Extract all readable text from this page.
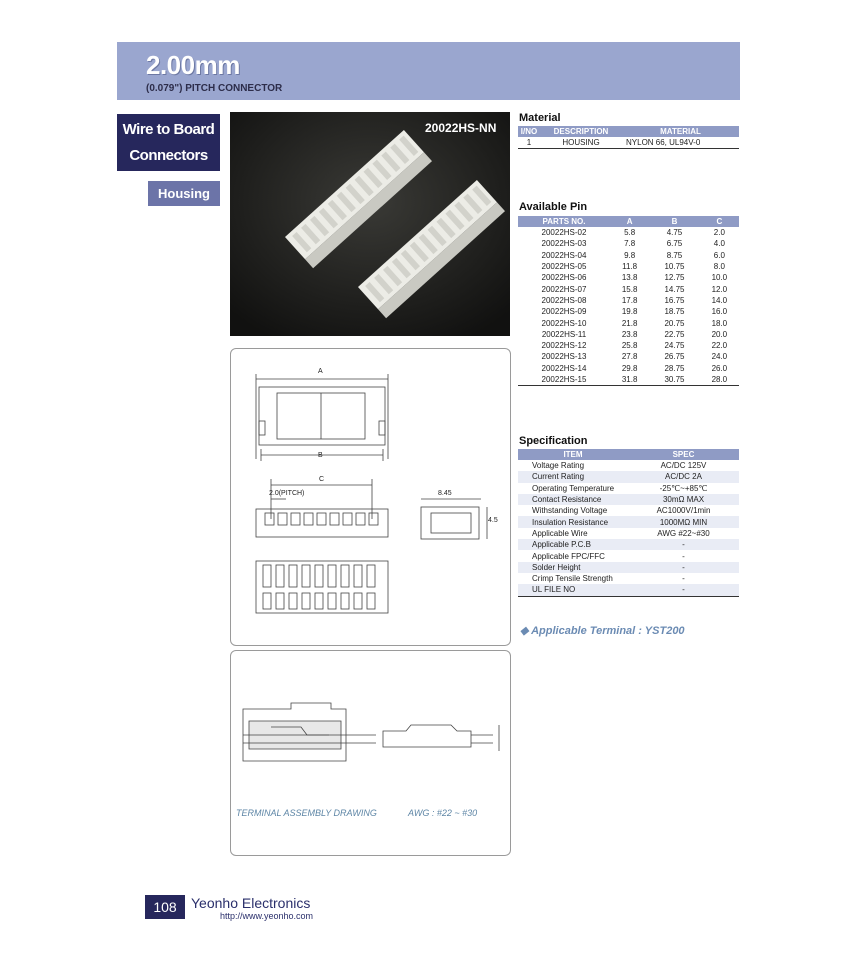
2.00mm
(0.079") PITCH CONNECTOR
Wire to Board
Connectors
Housing
20022HS-NN
A
B
C
2.0(PITCH)	8.45
4.5
TERMINAL ASSEMBLY DRAWING	AWG : #22 ~ #30
Material
I/NO	DESCRIPTION	MATERIAL
1	HOUSING	NYLON 66, UL94V-0
Available Pin
PARTS NO.	A	B	C
20022HS-02	5.8	4.75	2.0
20022HS-03	7.8	6.75	4.0
20022HS-04	9.8	8.75	6.0
20022HS-05	11.8	10.75	8.0
20022HS-06	13.8	12.75	10.0
20022HS-07	15.8	14.75	12.0
20022HS-08	17.8	16.75	14.0
20022HS-09	19.8	18.75	16.0
20022HS-10	21.8	20.75	18.0
20022HS-11	23.8	22.75	20.0
20022HS-12	25.8	24.75	22.0
20022HS-13	27.8	26.75	24.0
20022HS-14	29.8	28.75	26.0
20022HS-15	31.8	30.75	28.0
Specification
ITEM	SPEC
Voltage Rating	AC/DC 125V
Current Rating	AC/DC 2A
Operating Temperature	-25℃~+85℃
Contact Resistance	30mΩ MAX
Withstanding Voltage	AC1000V/1min
Insulation Resistance	1000MΩ MIN
Applicable Wire	AWG #22~#30
Applicable P.C.B	-
Applicable FPC/FFC	-
Solder Height	-
Crimp Tensile Strength	-
UL FILE NO	-
◆ Applicable Terminal : YST200
108	Yeonho Electronics
http://www.yeonho.com
